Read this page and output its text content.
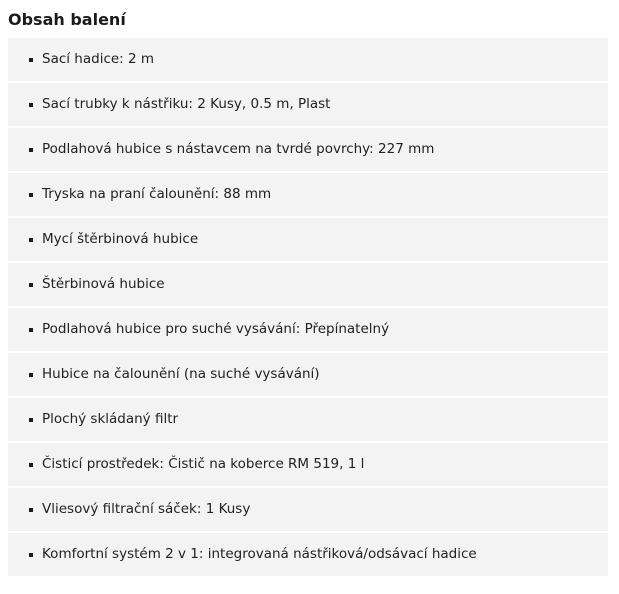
Obsah balení
Sací hadice: 2 m
Sací trubky k nástřiku: 2 Kusy, 0.5 m, Plast
Podlahová hubice s nástavcem na tvrdé povrchy: 227 mm
Tryska na praní čalounění: 88 mm
Mycí štěrbinová hubice
Štěrbinová hubice
Podlahová hubice pro suché vysávání: Přepínatelný
Hubice na čalounění (na suché vysávání)
Plochý skládaný filtr
Čisticí prostředek: Čistič na koberce RM 519, 1 l
Vliesový filtrační sáček: 1 Kusy
Komfortní systém 2 v 1: integrovaná nástřiková/odsávací hadice
